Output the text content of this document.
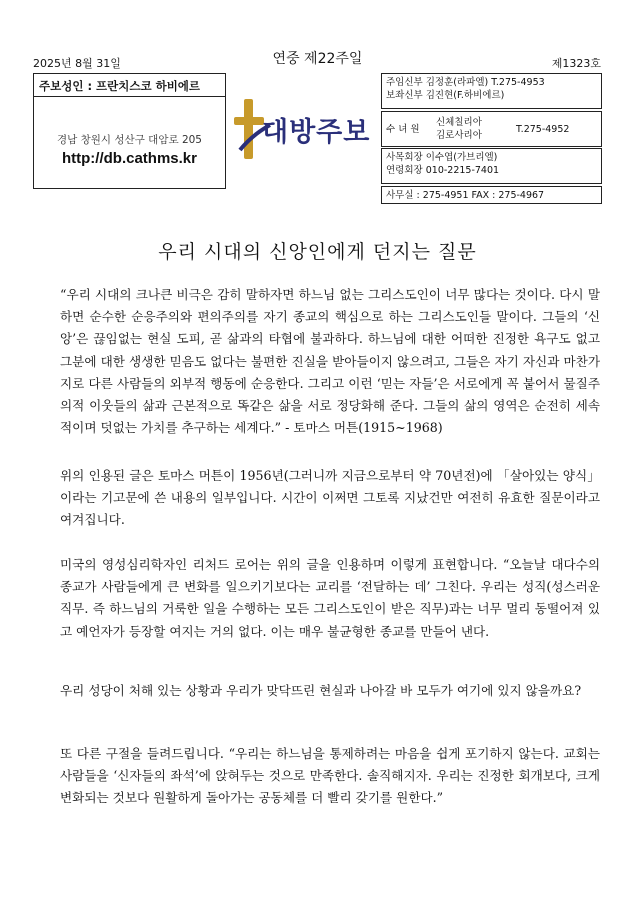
2025년 8월 31일	연중 제22주일	제1323호
주보성인 : 프란치스코 하비에르
경남 창원시 성산구 대암로 205
http://db.cathms.kr
대방주보
주임신부 김정훈(라파엘) T.275-4953
보좌신부 김진현(F.하비에르)
수 녀 원
신체칠리아
김로사리아
T.275-4952
사목회장 이수엽(가브리엘)
연령회장 010-2215-7401
사무실 : 275-4951 FAX : 275-4967
우리 시대의 신앙인에게 던지는 질문
“우리 시대의 크나큰 비극은 감히 말하자면 하느님 없는 그리스도인이 너무 많다는 것이다. 다시 말하면 순수한 순응주의와 편의주의를 자기 종교의 핵심으로 하는 그리스도인들 말이다. 그들의 ‘신앙’은 끊임없는 현실 도피, 곧 삶과의 타협에 불과하다. 하느님에 대한 어떠한 진정한 욕구도 없고 그분에 대한 생생한 믿음도 없다는 불편한 진실을 받아들이지 않으려고, 그들은 자기 자신과 마찬가지로 다른 사람들의 외부적 행동에 순응한다. 그리고 이런 ‘믿는 자들’은 서로에게 꼭 붙어서 물질주의적 이웃들의 삶과 근본적으로 똑같은 삶을 서로 정당화해 준다. 그들의 삶의 영역은 순전히 세속적이며 덧없는 가치를 추구하는 세계다.” - 토마스 머튼(1915~1968)
위의 인용된 글은 토마스 머튼이 1956년(그러니까 지금으로부터 약 70년전)에 「살아있는 양식」이라는 기고문에 쓴 내용의 일부입니다. 시간이 이쩌면 그토록 지났건만 여전히 유효한 질문이라고 여겨집니다.
미국의 영성심리학자인 리처드 로어는 위의 글을 인용하며 이렇게 표현합니다. “오늘날 대다수의 종교가 사람들에게 큰 변화를 일으키기보다는 교리를 ‘전달하는 데’ 그친다. 우리는 성직(성스러운 직무. 즉 하느님의 거룩한 일을 수행하는 모든 그리스도인이 받은 직무)과는 너무 멀리 동떨어져 있고 예언자가 등장할 여지는 거의 없다. 이는 매우 불균형한 종교를 만들어 낸다.
우리 성당이 처해 있는 상황과 우리가 맞닥뜨린 현실과 나아갈 바 모두가 여기에 있지 않을까요?
또 다른 구절을 들려드립니다. “우리는 하느님을 통제하려는 마음을 쉽게 포기하지 않는다. 교회는 사람들을 ‘신자들의 좌석’에 앉혀두는 것으로 만족한다. 솔직해지자. 우리는 진정한 회개보다, 크게 변화되는 것보다 원활하게 돌아가는 공동체를 더 빨리 갖기를 원한다.”
